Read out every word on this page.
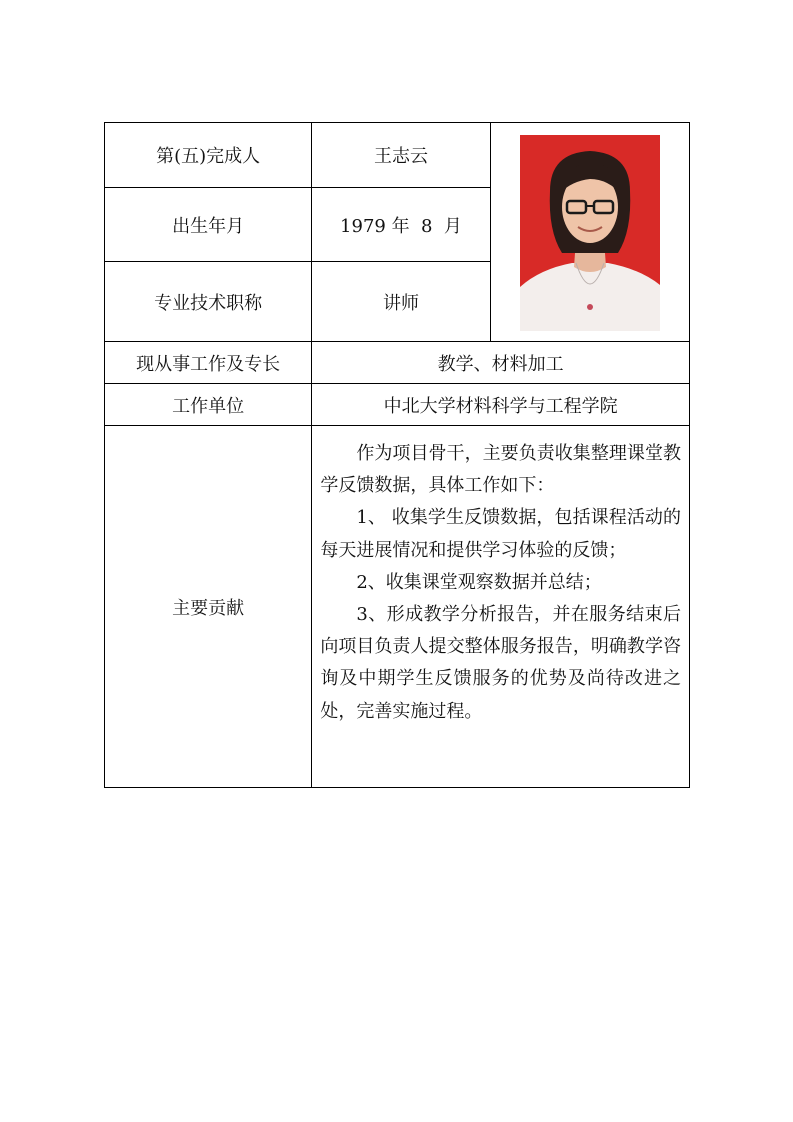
第(五)完成人	王志云	

出生年月	1979 年  8  月	
专业技术职称	讲师	
现从事工作及专长	教学、材料加工	
工作单位	中北大学材料科学与工程学院	
主要贡献	作为项目骨干，主要负责收集整理课堂教学反馈数据，具体工作如下：

1、 收集学生反馈数据，包括课程活动的每天进展情况和提供学习体验的反馈；

2、收集课堂观察数据并总结；

3、形成教学分析报告，并在服务结束后向项目负责人提交整体服务报告，明确教学咨询及中期学生反馈服务的优势及尚待改进之处，完善实施过程。	
